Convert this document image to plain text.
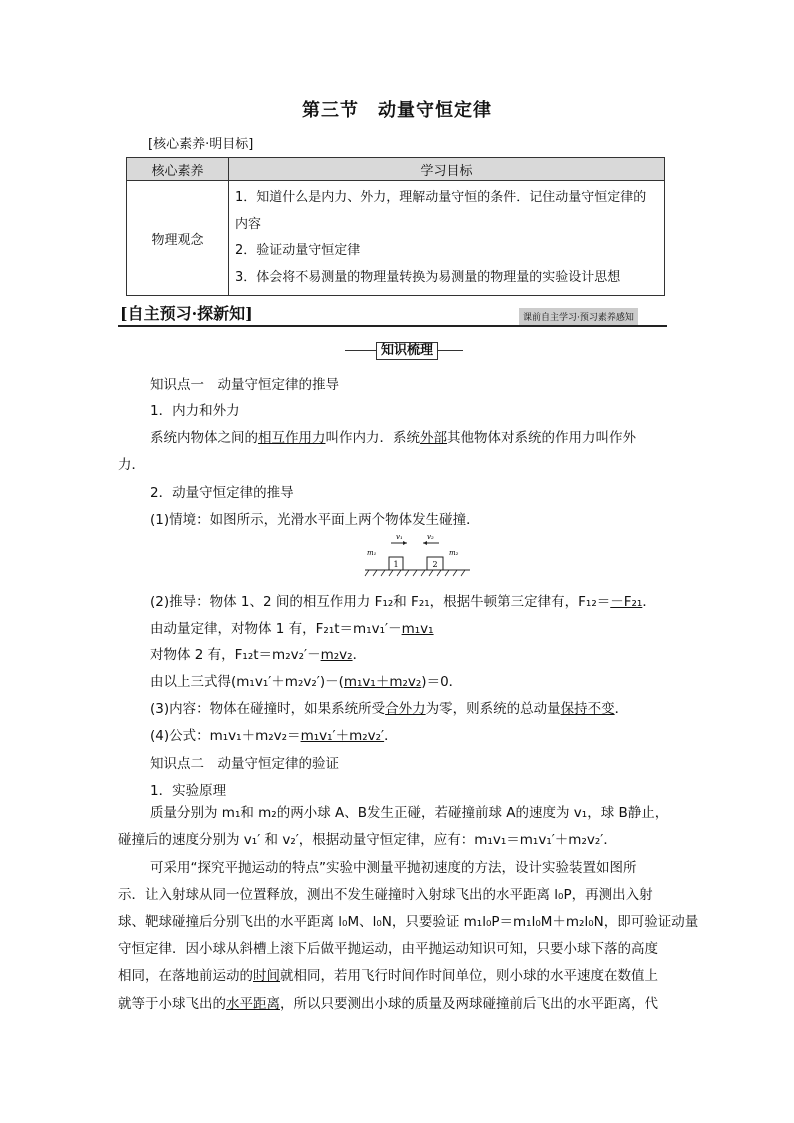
第三节　动量守恒定律
[核心素养·明目标]
核心素养	学习目标
物理观念	1．知道什么是内力、外力，理解动量守恒的条件．记住动量守恒定律的内容
2．验证动量守恒定律
3．体会将不易测量的物理量转换为易测量的物理量的实验设计思想
[自主预习·探新知]	课前自主学习·预习素养感知
知识梳理
知识点一　动量守恒定律的推导
1．内力和外力
系统内物体之间的相互作用力叫作内力．系统外部其他物体对系统的作用力叫作外
力．
2．动量守恒定律的推导
(1)情境：如图所示，光滑水平面上两个物体发生碰撞．
1	2
m₁	m₂
v₁	v₂
(2)推导：物体 1、2 间的相互作用力 F₁₂和 F₂₁，根据牛顿第三定律有，F₁₂＝－F₂₁．
由动量定律，对物体 1 有，F₂₁t＝m₁v₁′－m₁v₁
对物体 2 有，F₁₂t＝m₂v₂′－m₂v₂．
由以上三式得(m₁v₁′＋m₂v₂′)－(m₁v₁＋m₂v₂)＝0．
(3)内容：物体在碰撞时，如果系统所受合外力为零，则系统的总动量保持不变．
(4)公式：m₁v₁＋m₂v₂＝m₁v₁′＋m₂v₂′．
知识点二　动量守恒定律的验证
1．实验原理
质量分别为 m₁和 m₂的两小球 A、B发生正碰，若碰撞前球 A的速度为 v₁，球 B静止，
碰撞后的速度分别为 v₁′ 和 v₂′，根据动量守恒定律，应有：m₁v₁＝m₁v₁′＋m₂v₂′．
可采用“探究平抛运动的特点”实验中测量平抛初速度的方法，设计实验装置如图所
示．让入射球从同一位置释放，测出不发生碰撞时入射球飞出的水平距离 l₀P，再测出入射
球、靶球碰撞后分别飞出的水平距离 l₀M、l₀N，只要验证 m₁l₀P＝m₁l₀M＋m₂l₀N，即可验证动量
守恒定律．因小球从斜槽上滚下后做平抛运动，由平抛运动知识可知，只要小球下落的高度
相同，在落地前运动的时间就相同，若用飞行时间作时间单位，则小球的水平速度在数值上
就等于小球飞出的水平距离，所以只要测出小球的质量及两球碰撞前后飞出的水平距离，代
